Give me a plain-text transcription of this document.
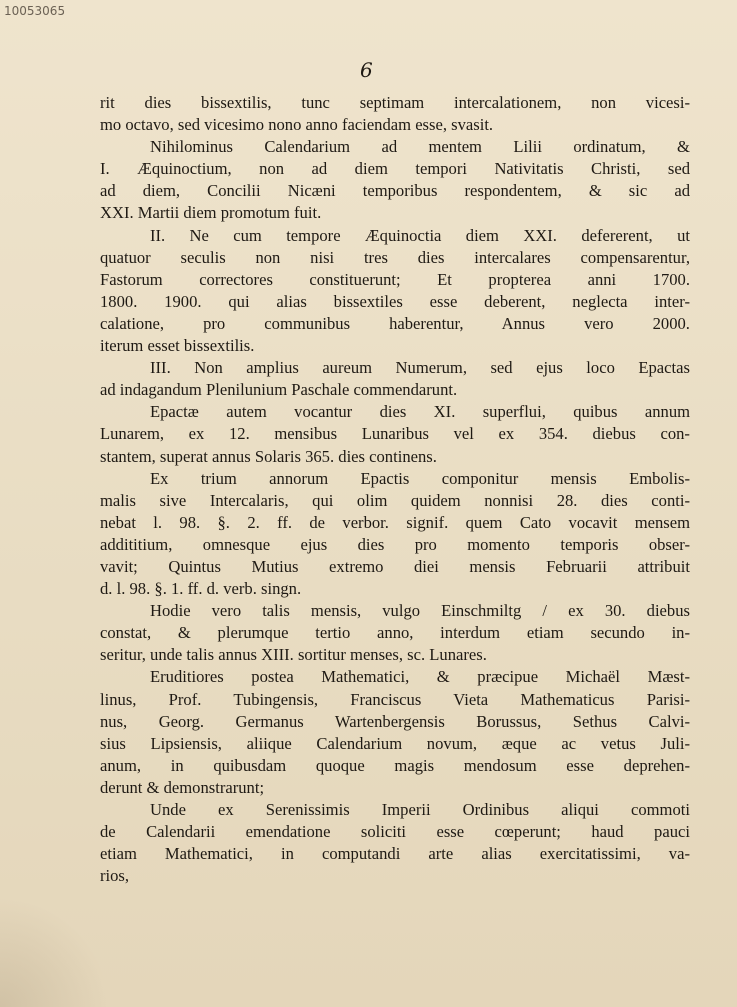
10053065
6
rit dies bissextilis, tunc septimam intercalationem, non vicesi-
mo octavo, sed vicesimo nono anno faciendam esse, svasit.
Nihilominus Calendarium ad mentem Lilii ordinatum, &
I. Æquinoctium, non ad diem tempori Nativitatis Christi, sed
ad diem, Concilii Nicæni temporibus respondentem, & sic ad
XXI. Martii diem promotum fuit.
II. Ne cum tempore Æquinoctia diem XXI. defererent, ut
quatuor seculis non nisi tres dies intercalares compensarentur,
Fastorum correctores constituerunt; Et propterea anni 1700.
1800. 1900. qui alias bissextiles esse deberent, neglecta inter-
calatione, pro communibus haberentur, Annus vero 2000.
iterum esset bissextilis.
III. Non amplius aureum Numerum, sed ejus loco Epactas
ad indagandum Plenilunium Paschale commendarunt.
Epactæ autem vocantur dies XI. superflui, quibus annum
Lunarem, ex 12. mensibus Lunaribus vel ex 354. diebus con-
stantem, superat annus Solaris 365. dies continens.
Ex trium annorum Epactis componitur mensis Embolis-
malis sive Intercalaris, qui olim quidem nonnisi 28. dies conti-
nebat l. 98. §. 2. ff. de verbor. signif. quem Cato vocavit mensem
addititium, omnesque ejus dies pro momento temporis obser-
vavit; Quintus Mutius extremo diei mensis Februarii attribuit
d. l. 98. §. 1. ff. d. verb. singn.
Hodie vero talis mensis, vulgo Einschmiltg / ex 30. diebus
constat, & plerumque tertio anno, interdum etiam secundo in-
seritur, unde talis annus XIII. sortitur menses, sc. Lunares.
Eruditiores postea Mathematici, & præcipue Michaël Mæst-
linus, Prof. Tubingensis, Franciscus Vieta Mathematicus Parisi-
nus, Georg. Germanus Wartenbergensis Borussus, Sethus Calvi-
sius Lipsiensis, aliique Calendarium novum, æque ac vetus Juli-
anum, in quibusdam quoque magis mendosum esse deprehen-
derunt & demonstrarunt;
Unde ex Serenissimis Imperii Ordinibus aliqui commoti
de Calendarii emendatione soliciti esse cœperunt; haud pauci
etiam Mathematici, in computandi arte alias exercitatissimi, va-
rios,
